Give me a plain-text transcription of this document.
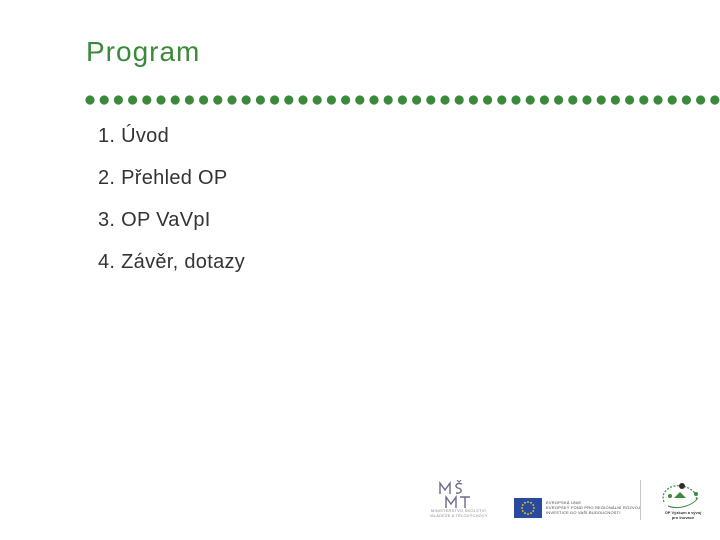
Program
1. Úvod
2. Přehled OP
3. OP VaVpI
4. Závěr, dotazy
MINISTERSTVO ŠKOLSTVÍ,
MLÁDEŽE A TĚLOVÝCHOVY
EVROPSKÁ UNIE
EVROPSKÝ FOND PRO REGIONÁLNÍ ROZVOJ
INVESTICE DO VAŠÍ BUDOUCNOSTI	OP Výzkum a vývoj
pro inovace
